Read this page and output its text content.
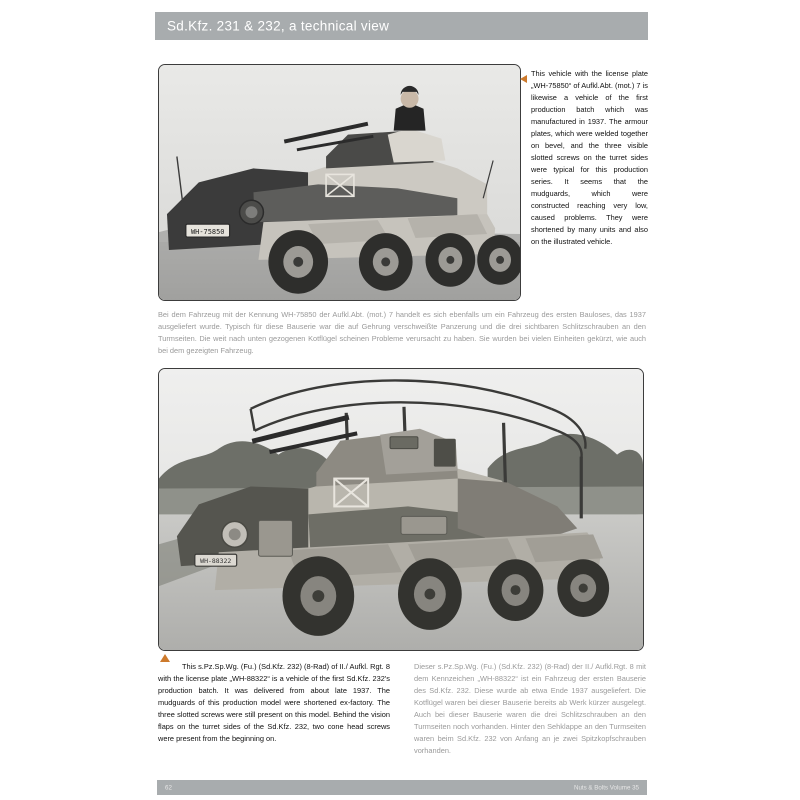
Sd.Kfz. 231 & 232, a technical view
WH-75850

This vehicle with the license plate „WH-75850“ of Aufkl.Abt. (mot.) 7 is likewise a vehicle of the first production batch which was manufactured in 1937. The armour plates, which were welded together on bevel, and the three visible slotted screws on the turret sides were typical for this production series. It seems that the mudguards, which were constructed reaching very low, caused problems. They were shortened by many units and also on the illustrated vehicle.

Bei dem Fahrzeug mit der Kennung WH-75850 der Aufkl.Abt. (mot.) 7 handelt es sich ebenfalls um ein Fahrzeug des ersten Bauloses, das 1937 ausgeliefert wurde. Typisch für diese Bauserie war die auf Gehrung verschweißte Panzerung und die drei sichtbaren Schlitzschrauben an den Turmseiten. Die weit nach unten gezogenen Kotflügel scheinen Probleme verursacht zu haben. Sie wurden bei vielen Einheiten gekürzt, wie auch bei dem gezeigten Fahrzeug.

WH-88322

This s.Pz.Sp.Wg. (Fu.) (Sd.Kfz. 232) (8-Rad) of II./ Aufkl. Rgt. 8 with the license plate „WH-88322“ is a vehicle of the first Sd.Kfz. 232's production batch. It was delivered from about late 1937. The mudguards of this production model were shortened ex-factory. The three slotted screws were still present on this model. Behind the vision flaps on the turret sides of the Sd.Kfz. 232, two cone head screws were present from the beginning on.

Dieser s.Pz.Sp.Wg. (Fu.) (Sd.Kfz. 232) (8-Rad) der II./ Aufkl.Rgt. 8 mit dem Kennzeichen „WH-88322“ ist ein Fahrzeug der ersten Bauserie des Sd.Kfz. 232. Diese wurde ab etwa Ende 1937 ausgeliefert. Die Kotflügel waren bei dieser Bauserie bereits ab Werk kürzer ausgelegt. Auch bei dieser Bauserie waren die drei Schlitzschrauben an den Turmseiten noch vorhanden. Hinter den Sehklappe an den Turmseiten waren beim Sd.Kfz. 232 von Anfang an je zwei Spitzkopfschrauben vorhanden.

62	Nuts & Bolts Volume 35
